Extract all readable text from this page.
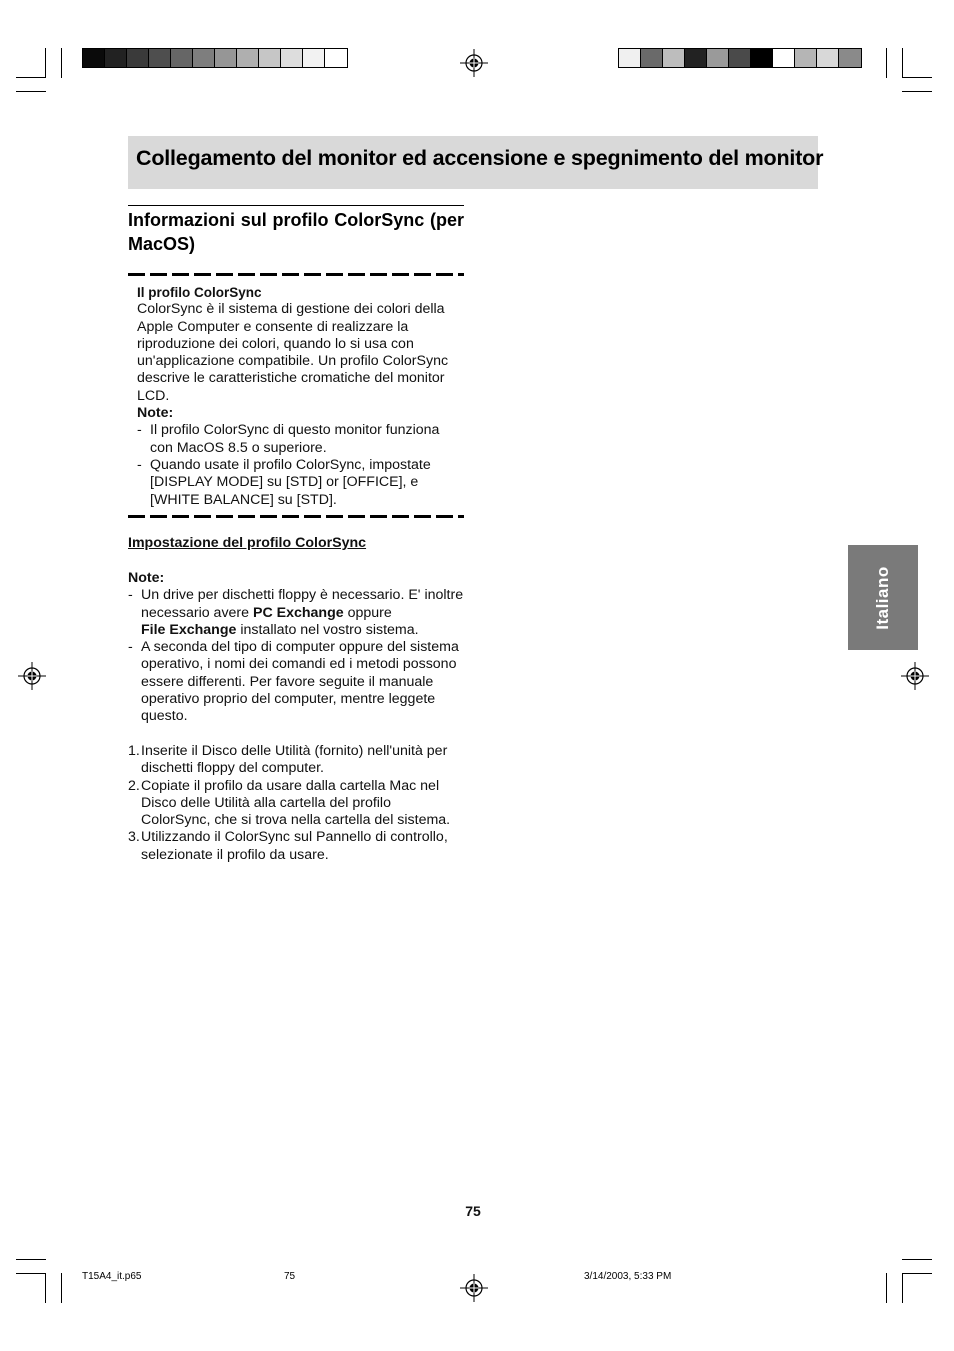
Collegamento del monitor ed accensione e spegnimento del monitor
Informazioni sul profilo ColorSync (per MacOS)

Il profilo ColorSync

ColorSync è il sistema di gestione dei colori della Apple Computer e consente di realizzare la riproduzione dei colori, quando lo si usa con un'applicazione compatibile. Un profilo ColorSync descrive le caratteristiche cromatiche del monitor LCD.

Note:

- Il profilo ColorSync di questo monitor funziona con MacOS 8.5 o superiore.
- Quando usate il profilo ColorSync, impostate [DISPLAY MODE] su [STD] or [OFFICE], e [WHITE BALANCE] su [STD].
Impostazione del profilo ColorSync

Note:

- Un drive per dischetti floppy è necessario. E' inoltre necessario avere PC Exchange oppure
File Exchange installato nel vostro sistema.
- A seconda del tipo di computer oppure del sistema operativo, i nomi dei comandi ed i metodi possono essere differenti. Per favore seguite il manuale operativo proprio del computer, mentre leggete questo.
1. Inserite il Disco delle Utilità (fornito) nell'unità per dischetti floppy del computer.
2. Copiate il profilo da usare dalla cartella Mac nel Disco delle Utilità alla cartella del profilo ColorSync, che si trova nella cartella del sistema.
3. Utilizzando il ColorSync sul Pannello di controllo, selezionate il profilo da usare.
Italiano
75
T15A4_it.p65	75	3/14/2003, 5:33 PM
